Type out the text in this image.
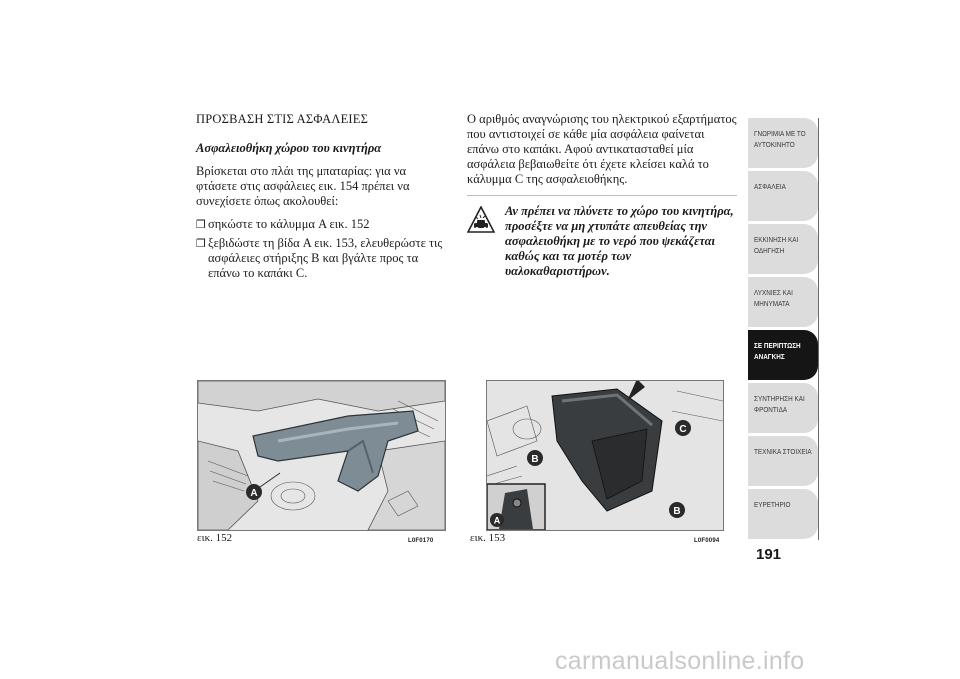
ΠΡΟΣΒΑΣΗ ΣΤΙΣ ΑΣΦΑΛΕΙΕΣ
Ασφαλειοθήκη χώρου του κινητήρα

Βρίσκεται στο πλάι της μπαταρίας: για να φτάσετε στις ασφάλειες εικ. 154 πρέπει να συνεχίσετε όπως ακολουθεί:

❒ σηκώστε το κάλυμμα A εικ. 152
❒ ξεβιδώστε τη βίδα A εικ. 153, ελευθερώστε τις ασφάλειες στήριξης B και βγάλτε προς τα επάνω το καπάκι C.

Ο αριθμός αναγνώρισης του ηλεκτρικού εξαρτήματος που αντιστοιχεί σε κάθε μία ασφάλεια φαίνεται επάνω στο καπάκι. Αφού αντικατασταθεί μία ασφάλεια βεβαιωθείτε ότι έχετε κλείσει καλά το κάλυμμα C της ασφαλειοθήκης.

Αν πρέπει να πλύνετε το χώρο του κινητήρα,
προσέξτε να μη χτυπάτε απευθείας την ασφαλειοθήκη με το νερό που ψεκάζεται καθώς και τα μοτέρ των υαλοκαθαριστήρων.
A
εικ. 152	L0F0170
C
B
B
A
εικ. 153	L0F0094
ΓΝΩΡΙΜΙΑ ΜΕ ΤΟ
ΑΥΤΟΚΙΝΗΤΟ
ΑΣΦΑΛΕΙΑ

ΕΚΚΙΝΗΣΗ ΚΑΙ
ΟΔΗΓΗΣΗ
ΛΥΧΝΙΕΣ ΚΑΙ
ΜΗΝΥΜΑΤΑ
ΣΕ ΠΕΡΙΠΤΩΣΗ
ΑΝΑΓΚΗΣ
ΣΥΝΤΗΡΗΣΗ ΚΑΙ
ΦΡΟΝΤΙΔΑ
ΤΕΧΝΙΚΑ ΣΤΟΙΧΕΙΑ

ΕΥΡΕΤΗΡΙΟ

191
carmanualsonline.info
